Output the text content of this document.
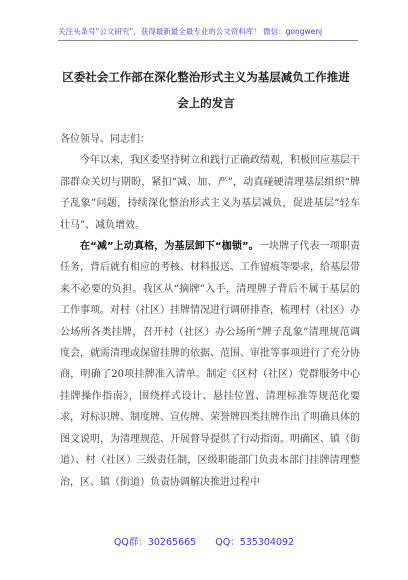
关注头条号“公文研究”，获得最新最全最专业的公文资料库！ 微信：gongwenj
区委社会工作部在深化整治形式主义为基层减负工作推进
会上的发言

各位领导、同志们：

今年以来，我区委坚持树立和践行正确政绩观，积极回应基层干部群众关切与期盼，紧扣“减、加、严”，动真碰硬清理基层组织“牌子乱象”问题，持续深化整治形式主义为基层减负，促进基层“轻车壮马”、减负增效。

在“减”上动真格，为基层卸下“枷锁”。一块牌子代表一项职责任务，背后就有相应的考核、材料报送、工作留痕等要求，给基层带来不必要的负担。我区从“摘牌”入手，清理牌子背后不属于基层的工作事项。对村（社区）挂牌情况进行调研排查，梳理村（社区）办公场所各类挂牌，召开村（社区）办公场所“牌子乱象”清理规范调度会，就需清理或保留挂牌的依据、范围、审批等事项进行了充分协商，明确了20项挂牌准入清单。制定《区村（社区）党群服务中心挂牌操作指南》，围绕样式设计、悬挂位置、清理标准等规范化要求，对标识牌、制度牌、宣传牌、荣誉牌四类挂牌作出了明确具体的图文说明，为清理规范、开展督导提供了行动指南。明确区、镇（街道）、村（社区）三级责任制，区级职能部门负责本部门挂牌清理整治，区、镇（街道）负责协调解决推进过程中

QQ群：30265665 QQ：535304092
